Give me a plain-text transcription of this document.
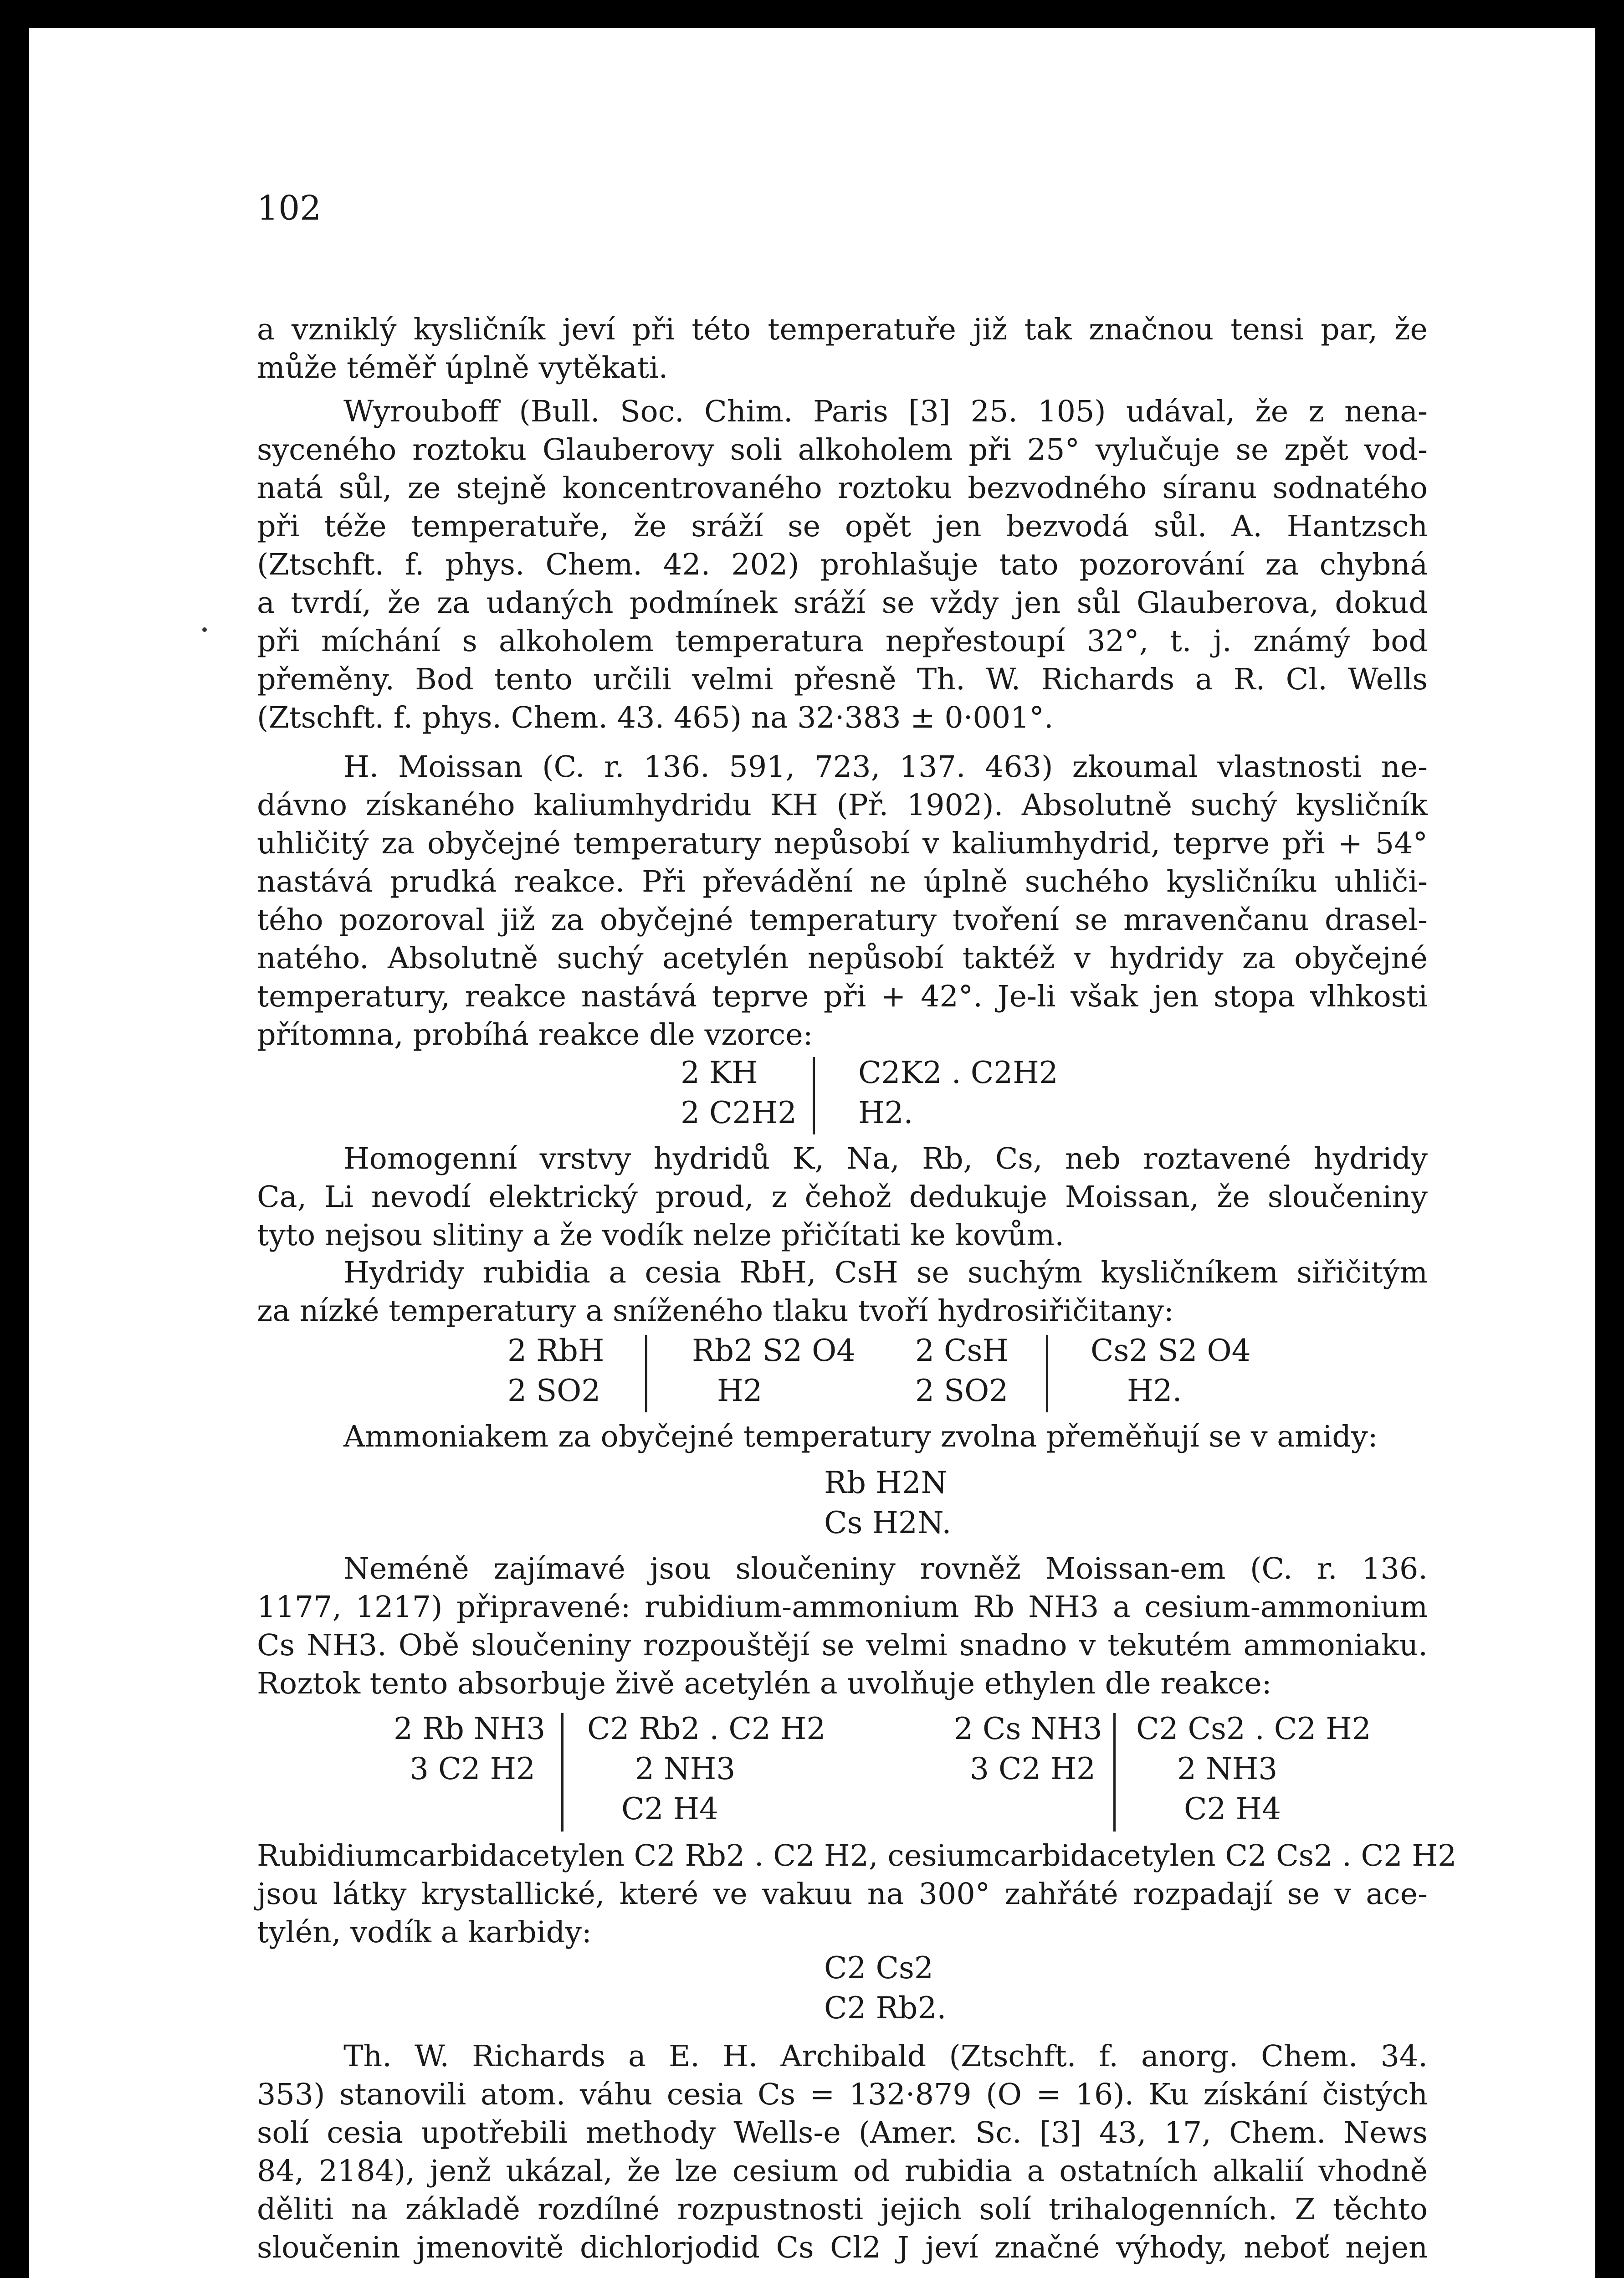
102
a vzniklý kysličník jeví při této temperatuře již tak značnou tensi par, že
může téměř úplně vytěkati.
Wyrouboff (Bull. Soc. Chim. Paris [3] 25. 105) udával, že z nena-
syceného roztoku Glauberovy soli alkoholem při 25° vylučuje se zpět vod-
natá sůl, ze stejně koncentrovaného roztoku bezvodného síranu sodnatého
při téže temperatuře, že sráží se opět jen bezvodá sůl. A. Hantzsch
(Ztschft. f. phys. Chem. 42. 202) prohlašuje tato pozorování za chybná
a tvrdí, že za udaných podmínek sráží se vždy jen sůl Glauberova, dokud
při míchání s alkoholem temperatura nepřestoupí 32°, t. j. známý bod
přeměny. Bod tento určili velmi přesně Th. W. Richards a R. Cl. Wells
(Ztschft. f. phys. Chem. 43. 465) na 32·383 ± 0·001°.
H. Moissan (C. r. 136. 591, 723, 137. 463) zkoumal vlastnosti ne-
dávno získaného kaliumhydridu KH (Př. 1902). Absolutně suchý kysličník
uhličitý za obyčejné temperatury nepůsobí v kaliumhydrid, teprve při + 54°
nastává prudká reakce. Při převádění ne úplně suchého kysličníku uhliči-
tého pozoroval již za obyčejné temperatury tvoření se mravenčanu drasel-
natého. Absolutně suchý acetylén nepůsobí taktéž v hydridy za obyčejné
temperatury, reakce nastává teprve při + 42°. Je-li však jen stopa vlhkosti
přítomna, probíhá reakce dle vzorce:
2 KH
2 C2H2
C2K2 . C2H2
H2.
Homogenní vrstvy hydridů K, Na, Rb, Cs, neb roztavené hydridy
Ca, Li nevodí elektrický proud, z čehož dedukuje Moissan, že sloučeniny
tyto nejsou slitiny a že vodík nelze přičítati ke kovům.
Hydridy rubidia a cesia RbH, CsH se suchým kysličníkem siřičitým
za nízké temperatury a sníženého tlaku tvoří hydrosiřičitany:
2 RbH
2 SO2
Rb2 S2 O4
H2
2 CsH
2 SO2
Cs2 S2 O4
H2.
Ammoniakem za obyčejné temperatury zvolna přeměňují se v amidy:
Rb H2N
Cs H2N.
Neméně zajímavé jsou sloučeniny rovněž Moissan-em (C. r. 136.
1177, 1217) připravené: rubidium-ammonium Rb NH3 a cesium-ammonium
Cs NH3. Obě sloučeniny rozpouštějí se velmi snadno v tekutém ammoniaku.
Roztok tento absorbuje živě acetylén a uvolňuje ethylen dle reakce:
2 Rb NH3
3 C2 H2
C2 Rb2 . C2 H2
2 NH3
C2 H4
2 Cs NH3
3 C2 H2
C2 Cs2 . C2 H2
2 NH3
C2 H4
Rubidiumcarbidacetylen C2 Rb2 . C2 H2, cesiumcarbidacetylen C2 Cs2 . C2 H2
jsou látky krystallické, které ve vakuu na 300° zahřáté rozpadají se v ace-
tylén, vodík a karbidy:
C2 Cs2
C2 Rb2.
Th. W. Richards a E. H. Archibald (Ztschft. f. anorg. Chem. 34.
353) stanovili atom. váhu cesia Cs = 132·879 (O = 16). Ku získání čistých
solí cesia upotřebili methody Wells-e (Amer. Sc. [3] 43, 17, Chem. News
84, 2184), jenž ukázal, že lze cesium od rubidia a ostatních alkalií vhodně
děliti na základě rozdílné rozpustnosti jejich solí trihalogenních. Z těchto
sloučenin jmenovitě dichlorjodid Cs Cl2 J jeví značné výhody, neboť nejen
